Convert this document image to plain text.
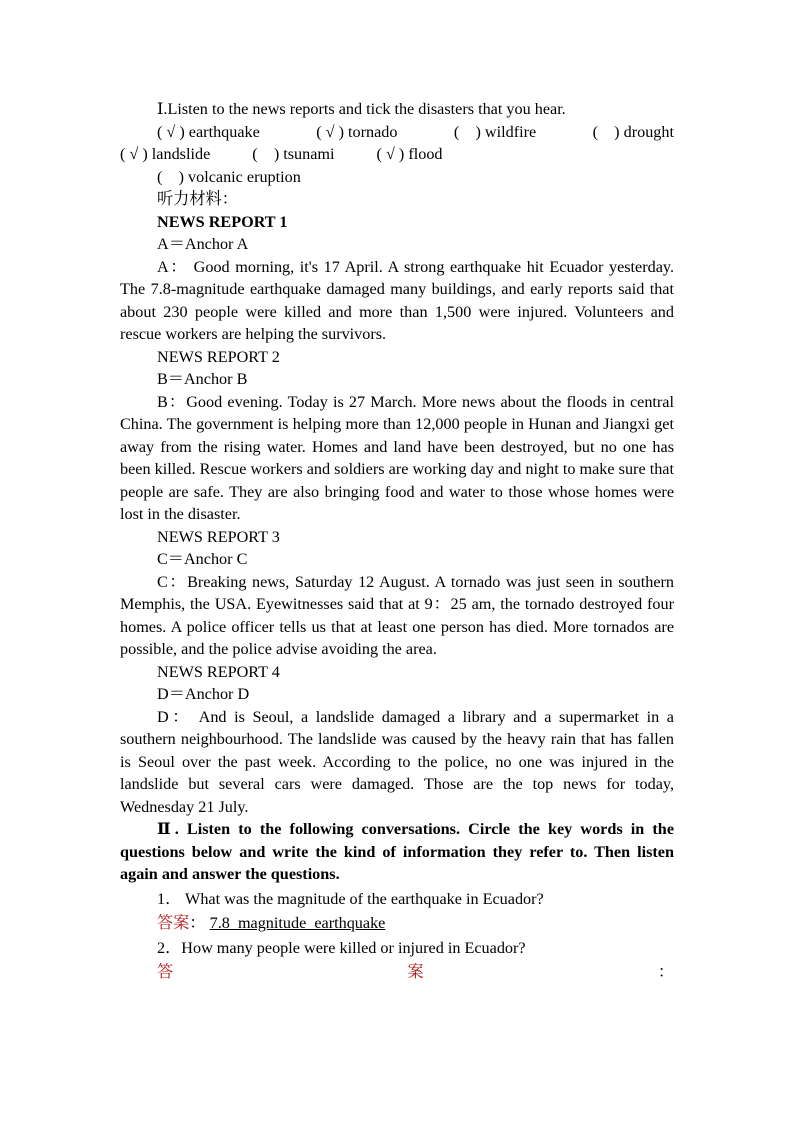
Ⅰ.Listen to the news reports and tick the disasters that you hear.

( √ ) earthquake	( √ ) tornado	(    ) wildfire	(    ) drought
( √ ) landslide	(    ) tsunami	( √ ) flood

(    ) volcanic eruption

听力材料：

NEWS REPORT 1

A＝Anchor A

A： Good morning, it's 17 April. A strong earthquake hit Ecuador yesterday. The 7.8-magnitude earthquake damaged many buildings, and early reports said that about 230 people were killed and more than 1,500 were injured. Volunteers and rescue workers are helping the survivors.

NEWS REPORT 2

B＝Anchor B

B：Good evening. Today is 27 March. More news about the floods in central China. The government is helping more than 12,000 people in Hunan and Jiangxi get away from the rising water. Homes and land have been destroyed, but no one has been killed. Rescue workers and soldiers are working day and night to make sure that people are safe. They are also bringing food and water to those whose homes were lost in the disaster.

NEWS REPORT 3

C＝Anchor C

C：Breaking news, Saturday 12 August. A tornado was just seen in southern Memphis, the USA. Eyewitnesses said that at 9：25 am, the tornado destroyed four homes. A police officer tells us that at least one person has died. More tornados are possible, and the police advise avoiding the area.

NEWS REPORT 4

D＝Anchor D

D： And is Seoul, a landslide damaged a library and a supermarket in a southern neighbourhood. The landslide was caused by the heavy rain that has fallen is Seoul over the past week. According to the police, no one was injured in the landslide but several cars were damaged. Those are the top news for today, Wednesday 21 July.

Ⅱ. Listen to the following conversations. Circle the key words in the questions below and write the kind of information they refer to. Then listen again and answer the questions.

1． What was the magnitude of the earthquake in Ecuador?

答案： 7.8_magnitude_earthquake

2．How many people were killed or injured in Ecuador?

答	案	：
